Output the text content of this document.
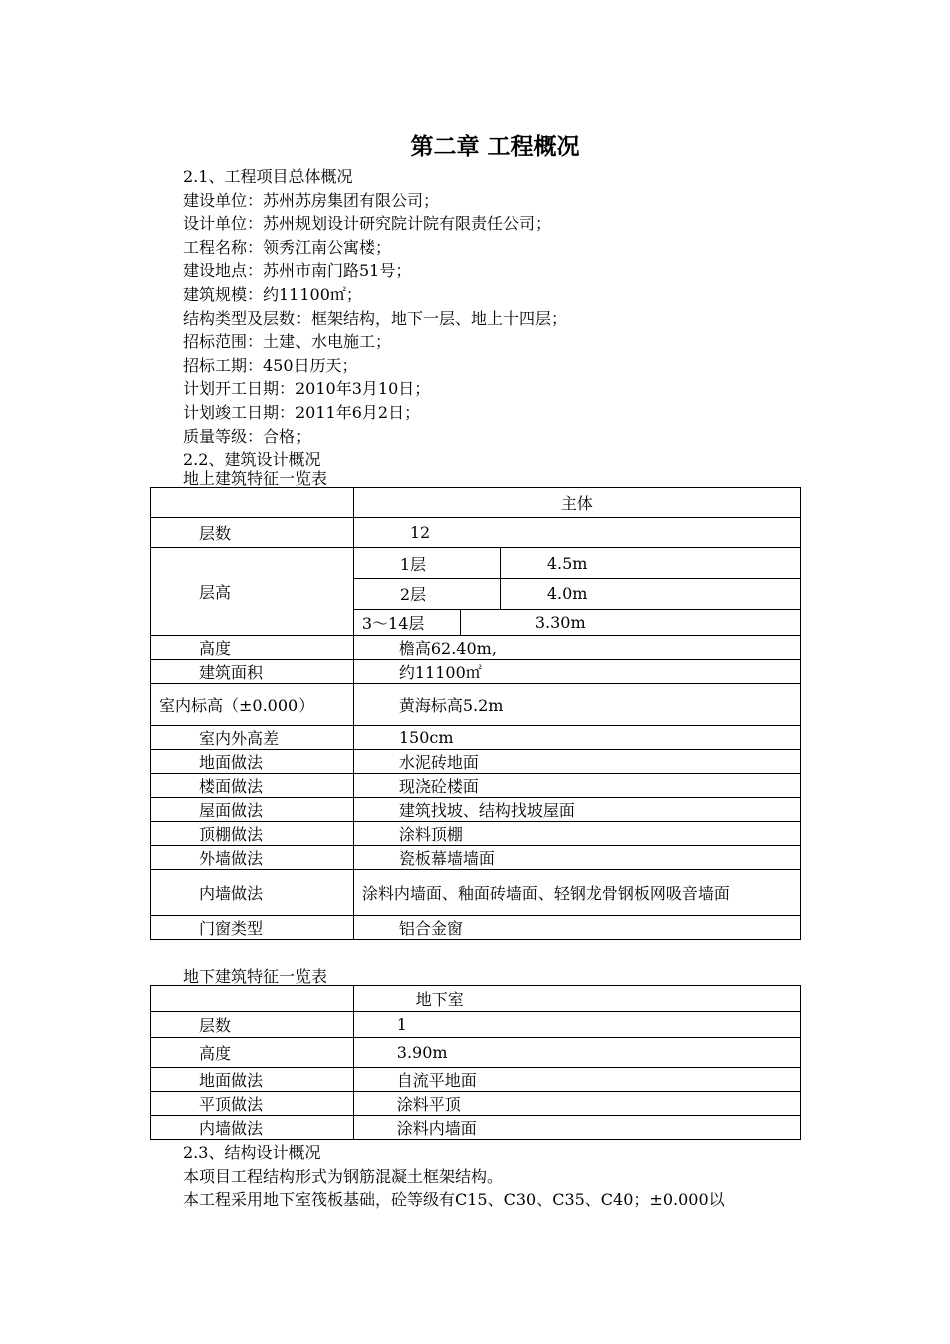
第二章 工程概况
2.1、工程项目总体概况
建设单位：苏州苏房集团有限公司；
设计单位：苏州规划设计研究院计院有限责任公司；
工程名称：领秀江南公寓楼；
建设地点：苏州市南门路51号；
建筑规模：约11100㎡；
结构类型及层数：框架结构，地下一层、地上十四层；
招标范围：土建、水电施工；
招标工期：450日历天；
计划开工日期：2010年3月10日；
计划竣工日期：2011年6月2日；
质量等级：合格；
2.2、建筑设计概况
地上建筑特征一览表
	主体
层数	12
层高	
1层	4.5m
2层	4.0m
3～14层	3.30m

高度	檐高62.40m,
建筑面积	约11100㎡
室内标高（±0.000）	黄海标高5.2m
室内外高差	150cm
地面做法	水泥砖地面
楼面做法	现浇砼楼面
屋面做法	建筑找坡、结构找坡屋面
顶棚做法	涂料顶棚
外墙做法	瓷板幕墙墙面
内墙做法	涂料内墙面、釉面砖墙面、轻钢龙骨钢板网吸音墙面
门窗类型	铝合金窗
地下建筑特征一览表
	地下室
层数	1
高度	3.90m
地面做法	自流平地面
平顶做法	涂料平顶
内墙做法	涂料内墙面
2.3、结构设计概况
本项目工程结构形式为钢筋混凝土框架结构。
本工程采用地下室筏板基础，砼等级有C15、C30、C35、C40；±0.000以
